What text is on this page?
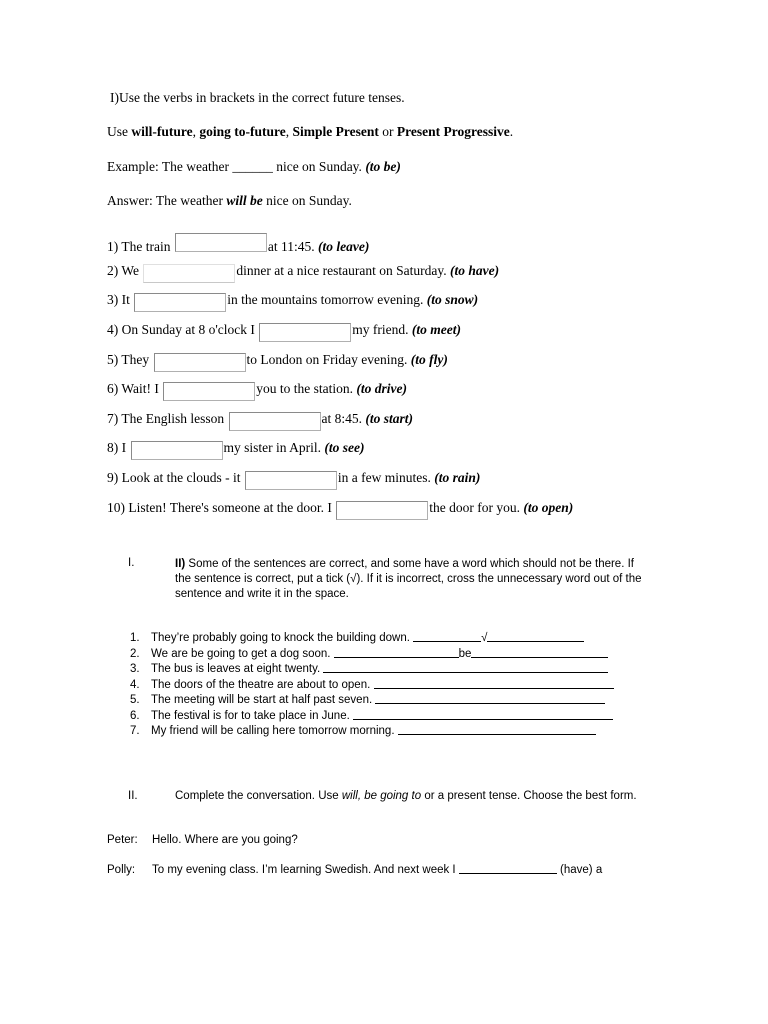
I)Use the verbs in brackets in the correct future tenses.
Use will-future, going to-future, Simple Present or Present Progressive.
Example: The weather ______ nice on Sunday. (to be)
Answer: The weather will be nice on Sunday.
1) The train	at 11:45. (to leave)
2) We	dinner at a nice restaurant on Saturday. (to have)
3) It	in the mountains tomorrow evening. (to snow)
4) On Sunday at 8 o'clock I	my friend. (to meet)
5) They	to London on Friday evening. (to fly)
6) Wait! I	you to the station. (to drive)
7) The English lesson	at 8:45. (to start)
8) I	my sister in April. (to see)
9) Look at the clouds - it	in a few minutes. (to rain)
10) Listen! There's someone at the door. I	the door for you. (to open)
I.	II) Some of the sentences are correct, and some have a word which should not be there. If
the sentence is correct, put a tick (√). If it is incorrect, cross the unnecessary word out of the
sentence and write it in the space.
1. They’re probably going to knock the building down.	√
2. We are be going to get a dog soon.	be
3. The bus is leaves at eight twenty.
4. The doors of the theatre are about to open.
5. The meeting will be start at half past seven.
6. The festival is for to take place in June.
7. My friend will be calling here tomorrow morning.
II.	Complete the conversation. Use will, be going to or a present tense. Choose the best form.
Peter: Hello. Where are you going?
Polly: To my evening class. I’m learning Swedish. And next week I	(have) a
